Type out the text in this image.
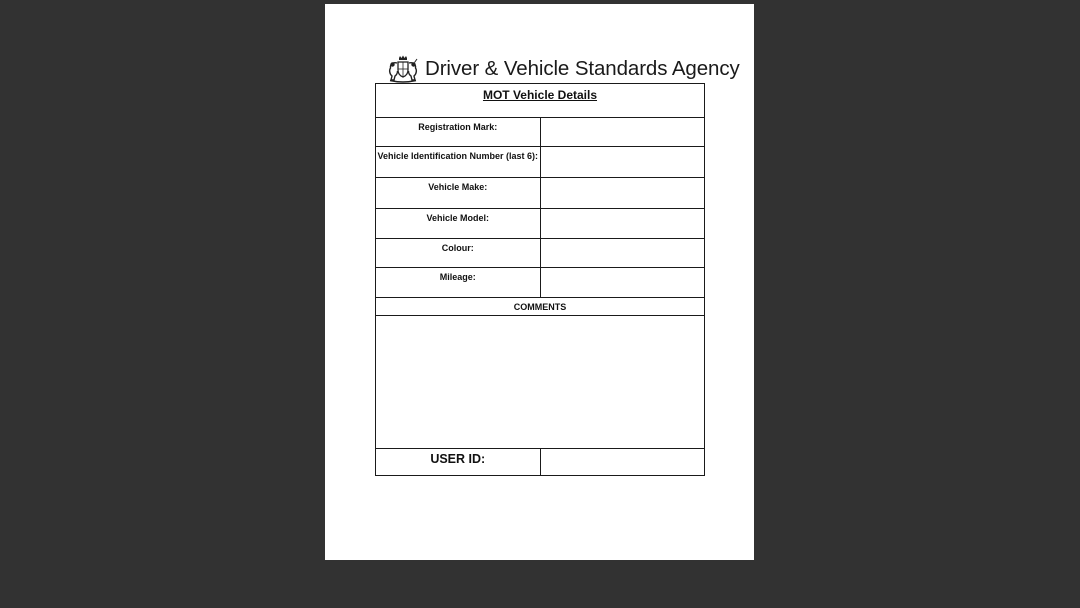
Driver & Vehicle Standards Agency
MOT Vehicle Details	
Registration Mark:	
Vehicle Identification Number (last 6):	
Vehicle Make:	
Vehicle Model:	
Colour:	
Mileage:	
COMMENTS	

USER ID:	
